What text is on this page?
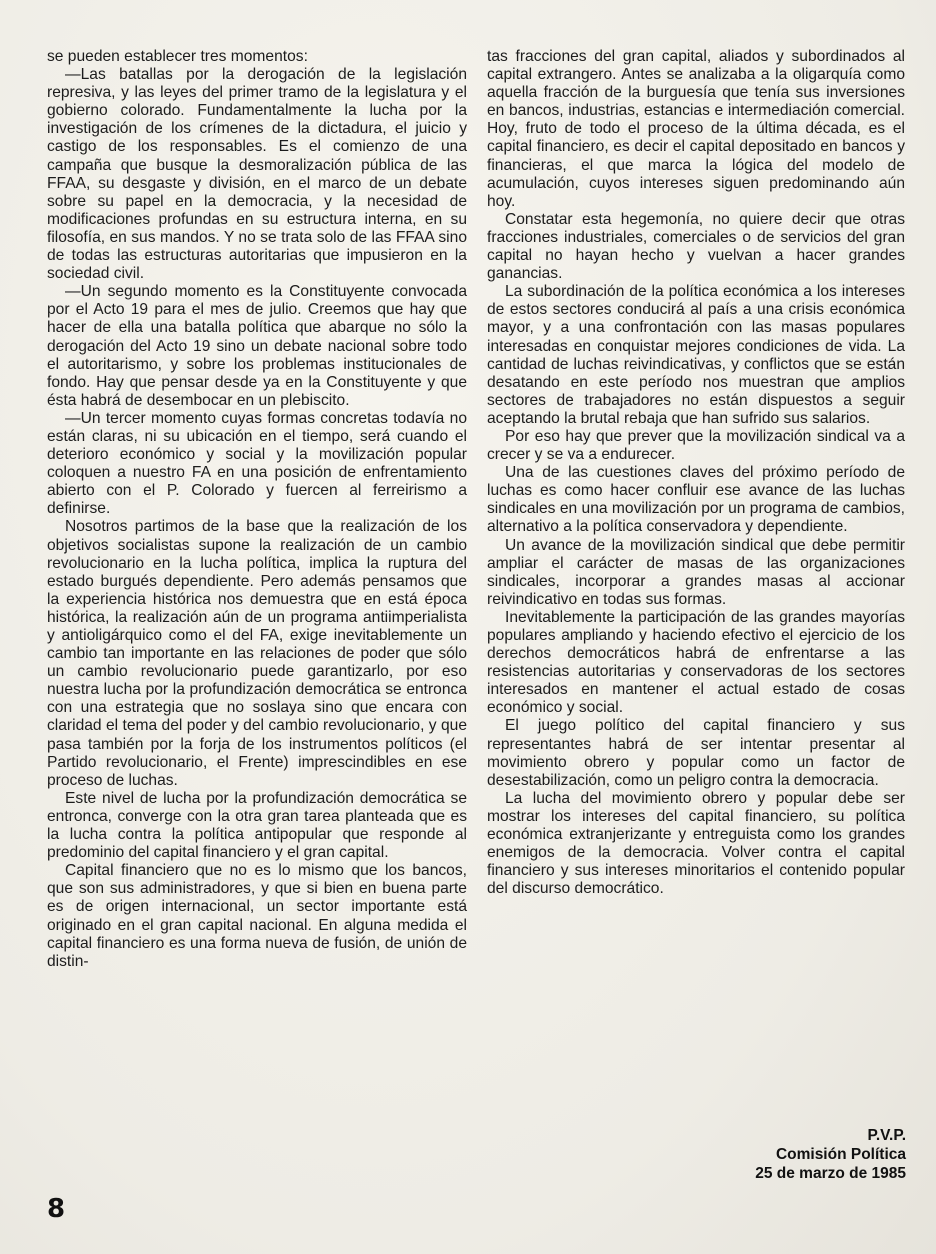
se pueden establecer tres momentos:

—Las batallas por la derogación de la legislación represiva, y las leyes del primer tramo de la legislatura y el gobierno colorado. Fundamentalmente la lucha por la investigación de los crímenes de la dictadura, el juicio y castigo de los responsables. Es el comienzo de una campaña que busque la desmoralización pública de las FFAA, su desgaste y división, en el marco de un debate sobre su papel en la democracia, y la necesidad de modificaciones profundas en su estructura interna, en su filosofía, en sus mandos. Y no se trata solo de las FFAA sino de todas las estructuras autoritarias que impusieron en la sociedad civil.

—Un segundo momento es la Constituyente convocada por el Acto 19 para el mes de julio. Creemos que hay que hacer de ella una batalla política que abarque no sólo la derogación del Acto 19 sino un debate nacional sobre todo el autoritarismo, y sobre los problemas institucionales de fondo. Hay que pensar desde ya en la Constituyente y que ésta habrá de desembocar en un plebiscito.

—Un tercer momento cuyas formas concretas todavía no están claras, ni su ubicación en el tiempo, será cuando el deterioro económico y social y la movilización popular coloquen a nuestro FA en una posición de enfrentamiento abierto con el P. Colorado y fuercen al ferreirismo a definirse.

Nosotros partimos de la base que la realización de los objetivos socialistas supone la realización de un cambio revolucionario en la lucha política, implica la ruptura del estado burgués dependiente. Pero además pensamos que la experiencia histórica nos demuestra que en está época histórica, la realización aún de un programa antiimperialista y antioligárquico como el del FA, exige inevitablemente un cambio tan importante en las relaciones de poder que sólo un cambio revolucionario puede garantizarlo, por eso nuestra lucha por la profundización democrática se entronca con una estrategia que no soslaya sino que encara con claridad el tema del poder y del cambio revolucionario, y que pasa también por la forja de los instrumentos políticos (el Partido revolucionario, el Frente) imprescindibles en ese proceso de luchas.

Este nivel de lucha por la profundización democrática se entronca, converge con la otra gran tarea planteada que es la lucha contra la política antipopular que responde al predominio del capital financiero y el gran capital.

Capital financiero que no es lo mismo que los bancos, que son sus administradores, y que si bien en buena parte es de origen internacional, un sector importante está originado en el gran capital nacional. En alguna medida el capital financiero es una forma nueva de fusión, de unión de distin-

tas fracciones del gran capital, aliados y subordinados al capital extrangero. Antes se analizaba a la oligarquía como aquella fracción de la burguesía que tenía sus inversiones en bancos, industrias, estancias e intermediación comercial. Hoy, fruto de todo el proceso de la última década, es el capital financiero, es decir el capital depositado en bancos y financieras, el que marca la lógica del modelo de acumulación, cuyos intereses siguen predominando aún hoy.

Constatar esta hegemonía, no quiere decir que otras fracciones industriales, comerciales o de servicios del gran capital no hayan hecho y vuelvan a hacer grandes ganancias.

La subordinación de la política económica a los intereses de estos sectores conducirá al país a una crisis económica mayor, y a una confrontación con las masas populares interesadas en conquistar mejores condiciones de vida. La cantidad de luchas reivindicativas, y conflictos que se están desatando en este período nos muestran que amplios sectores de trabajadores no están dispuestos a seguir aceptando la brutal rebaja que han sufrido sus salarios.

Por eso hay que prever que la movilización sindical va a crecer y se va a endurecer.

Una de las cuestiones claves del próximo período de luchas es como hacer confluir ese avance de las luchas sindicales en una movilización por un programa de cambios, alternativo a la política conservadora y dependiente.

Un avance de la movilización sindical que debe permitir ampliar el carácter de masas de las organizaciones sindicales, incorporar a grandes masas al accionar reivindicativo en todas sus formas.

Inevitablemente la participación de las grandes mayorías populares ampliando y haciendo efectivo el ejercicio de los derechos democráticos habrá de enfrentarse a las resistencias autoritarias y conservadoras de los sectores interesados en mantener el actual estado de cosas económico y social.

El juego político del capital financiero y sus representantes habrá de ser intentar presentar al movimiento obrero y popular como un factor de desestabilización, como un peligro contra la democracia.

La lucha del movimiento obrero y popular debe ser mostrar los intereses del capital financiero, su política económica extranjerizante y entreguista como los grandes enemigos de la democracia. Volver contra el capital financiero y sus intereses minoritarios el contenido popular del discurso democrático.

P.V.P.
Comisión Política
25 de marzo de 1985
8
